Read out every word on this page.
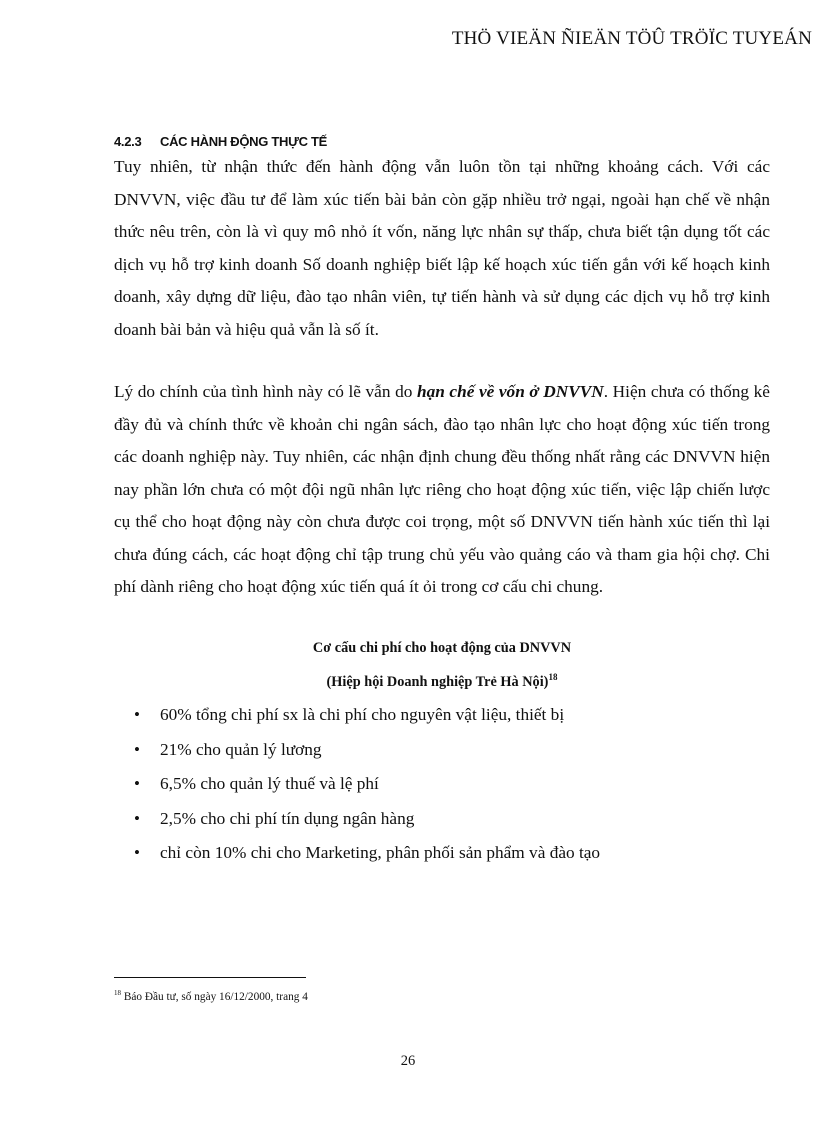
THÖ VIEÄN ÑIEÄN TÖÛ TRÖÏC TUYEÁN
4.2.3 CÁC HÀNH ĐỘNG THỰC TẾ

Tuy nhiên, từ nhận thức đến hành động vẫn luôn tồn tại những khoảng cách. Với các DNVVN, việc đầu tư để làm xúc tiến bài bản còn gặp nhiều trở ngại, ngoài hạn chế về nhận thức nêu trên, còn là vì quy mô nhỏ ít vốn, năng lực nhân sự thấp, chưa biết tận dụng tốt các dịch vụ hỗ trợ kinh doanh Số doanh nghiệp biết lập kế hoạch xúc tiến gắn với kế hoạch kinh doanh, xây dựng dữ liệu, đào tạo nhân viên, tự tiến hành và sử dụng các dịch vụ hỗ trợ kinh doanh bài bản và hiệu quả vẫn là số ít.

Lý do chính của tình hình này có lẽ vẫn do hạn chế về vốn ở DNVVN. Hiện chưa có thống kê đầy đủ và chính thức về khoản chi ngân sách, đào tạo nhân lực cho hoạt động xúc tiến trong các doanh nghiệp này. Tuy nhiên, các nhận định chung đều thống nhất rằng các DNVVN hiện nay phần lớn chưa có một đội ngũ nhân lực riêng cho hoạt động xúc tiến, việc lập chiến lược cụ thể cho hoạt động này còn chưa được coi trọng, một số DNVVN tiến hành xúc tiến thì lại chưa đúng cách, các hoạt động chỉ tập trung chủ yếu vào quảng cáo và tham gia hội chợ. Chi phí dành riêng cho hoạt động xúc tiến quá ít ỏi trong cơ cấu chi chung.

Cơ cấu chi phí cho hoạt động của DNVVN
(Hiệp hội Doanh nghiệp Trẻ Hà Nội)$^{18}$
• 60% tổng chi phí sx là chi phí cho nguyên vật liệu, thiết bị
• 21% cho quản lý lương
• 6,5% cho quản lý thuế và lệ phí
• 2,5% cho chi phí tín dụng ngân hàng
• chỉ còn 10% chi cho Marketing, phân phối sản phẩm và đào tạo
$^{18}$ Báo Đầu tư, số ngày 16/12/2000, trang 4
26
